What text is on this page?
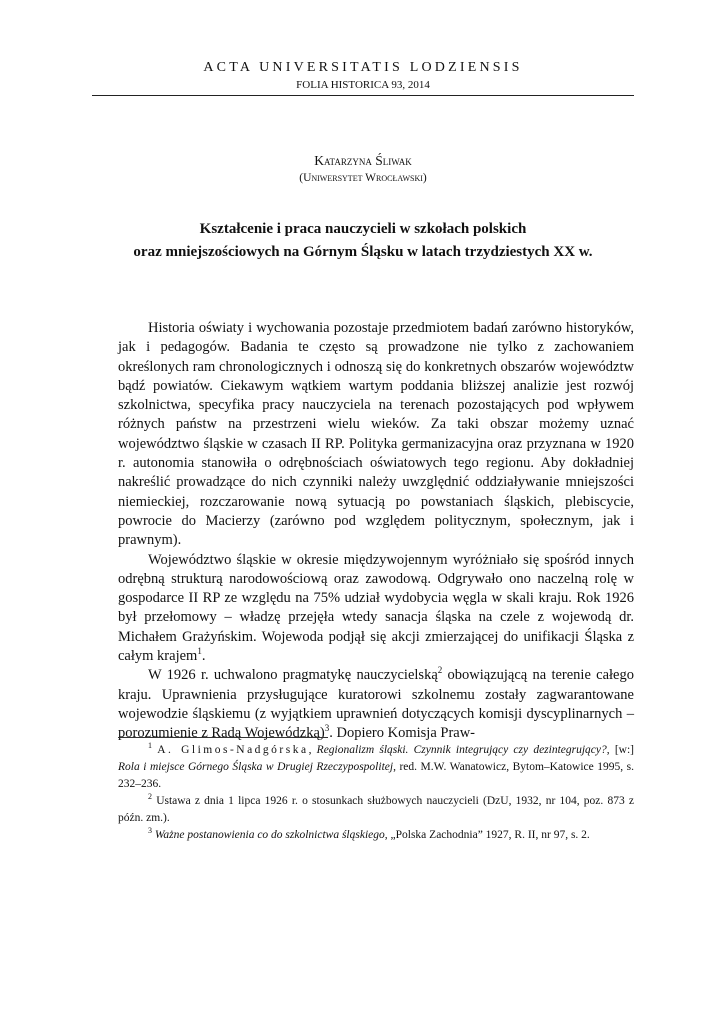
ACTA UNIVERSITATIS LODZIENSIS
FOLIA HISTORICA 93, 2014
Katarzyna Śliwak
(Uniwersytet Wrocławski)
Kształcenie i praca nauczycieli w szkołach polskich
oraz mniejszościowych na Górnym Śląsku w latach trzydziestych XX w.

Historia oświaty i wychowania pozostaje przedmiotem badań zarówno historyków, jak i pedagogów. Badania te często są prowadzone nie tylko z zachowaniem określonych ram chronologicznych i odnoszą się do konkretnych obszarów województw bądź powiatów. Ciekawym wątkiem wartym poddania bliższej analizie jest rozwój szkolnictwa, specyfika pracy nauczyciela na terenach pozostających pod wpływem różnych państw na przestrzeni wielu wieków. Za taki obszar możemy uznać województwo śląskie w czasach II RP. Polityka germanizacyjna oraz przyznana w 1920 r. autonomia stanowiła o odrębnościach oświatowych tego regionu. Aby dokładniej nakreślić prowadzące do nich czynniki należy uwzględnić oddziaływanie mniejszości niemieckiej, rozczarowanie nową sytuacją po powstaniach śląskich, plebiscycie, powrocie do Macierzy (zarówno pod względem politycznym, społecznym, jak i prawnym).

Województwo śląskie w okresie międzywojennym wyróżniało się spośród innych odrębną strukturą narodowościową oraz zawodową. Odgrywało ono naczelną rolę w gospodarce II RP ze względu na 75% udział wydobycia węgla w skali kraju. Rok 1926 był przełomowy – władzę przejęła wtedy sanacja śląska na czele z wojewodą dr. Michałem Grażyńskim. Wojewoda podjął się akcji zmierzającej do unifikacji Śląska z całym krajem$^1$.

W 1926 r. uchwalono pragmatykę nauczycielską$^2$ obowiązującą na terenie całego kraju. Uprawnienia przysługujące kuratorowi szkolnemu zostały zagwarantowane wojewodzie śląskiemu (z wyjątkiem uprawnień dotyczących komisji dyscyplinarnych – porozumienie z Radą Wojewódzką)$^3$. Dopiero Komisja Praw-

$^1$ A. Glimos-Nadgórska, Regionalizm śląski. Czynnik integrujący czy dezintegrujący?, [w:] Rola i miejsce Górnego Śląska w Drugiej Rzeczypospolitej, red. M.W. Wanatowicz, Bytom–Katowice 1995, s. 232–236.

$^2$ Ustawa z dnia 1 lipca 1926 r. o stosunkach służbowych nauczycieli (DzU, 1932, nr 104, poz. 873 z późn. zm.).

$^3$ Ważne postanowienia co do szkolnictwa śląskiego, „Polska Zachodnia” 1927, R. II, nr 97, s. 2.
